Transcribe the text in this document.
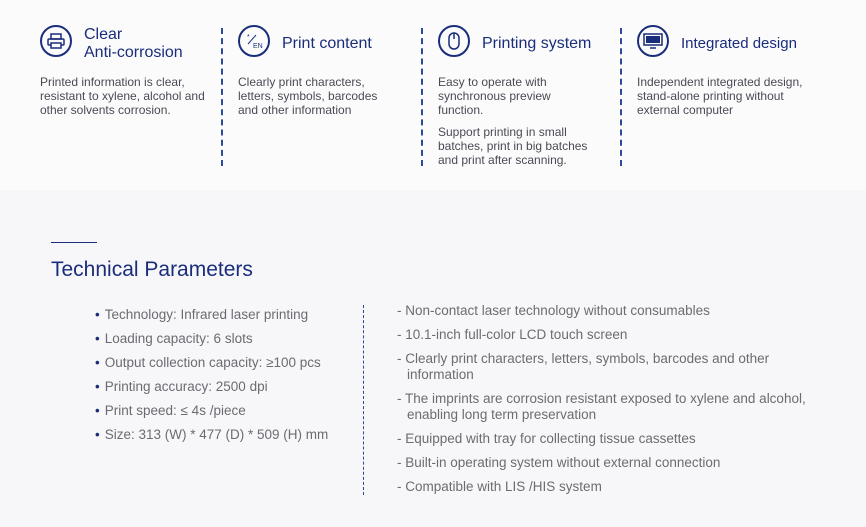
Clear
Anti-corrosion

Printed information is clear, resistant to xylene, alcohol and other solvents corrosion.

*
EN Print content

Clearly print characters, letters, symbols, barcodes and other information

Printing system

Easy to operate with synchronous preview function.

Support printing in small batches, print in big batches and print after scanning.

Integrated design

Independent integrated design, stand-alone printing without external computer

Technical Parameters
• Technology: Infrared laser printing
• Loading capacity: 6 slots
• Output collection capacity: ≥100 pcs
• Printing accuracy: 2500 dpi
• Print speed: ≤ 4s /piece
• Size: 313 (W) * 477 (D) * 509 (H) mm
- Non-contact laser technology without consumables
- 10.1-inch full-color LCD touch screen
- Clearly print characters, letters, symbols, barcodes and other information
- The imprints are corrosion resistant exposed to xylene and alcohol, enabling long term preservation
- Equipped with tray for collecting tissue cassettes
- Built-in operating system without external connection
- Compatible with LIS /HIS system
